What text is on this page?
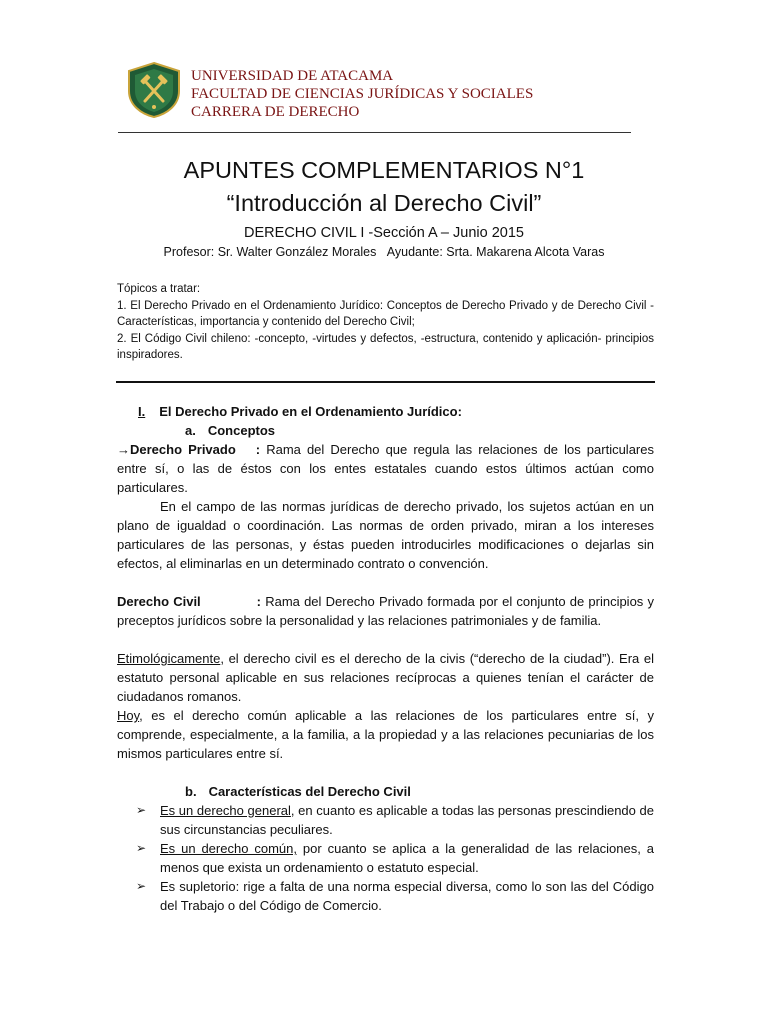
UNIVERSIDAD DE ATACAMA
FACULTAD DE CIENCIAS JURÍDICAS Y SOCIALES
CARRERA DE DERECHO
APUNTES COMPLEMENTARIOS N°1
“Introducción al Derecho Civil”
DERECHO CIVIL I -Sección A – Junio 2015
Profesor: Sr. Walter González Morales Ayudante: Srta. Makarena Alcota Varas

Tópicos a tratar:

1. El Derecho Privado en el Ordenamiento Jurídico: Conceptos de Derecho Privado y de Derecho Civil - Características, importancia y contenido del Derecho Civil;

2. El Código Civil chileno: -concepto, -virtudes y defectos, -estructura, contenido y aplicación- principios inspiradores.

I. El Derecho Privado en el Ordenamiento Jurídico:

a. Conceptos

→Derecho Privado : Rama del Derecho que regula las relaciones de los particulares entre sí, o las de éstos con los entes estatales cuando estos últimos actúan como particulares.

En el campo de las normas jurídicas de derecho privado, los sujetos actúan en un plano de igualdad o coordinación. Las normas de orden privado, miran a los intereses particulares de las personas, y éstas pueden introducirles modificaciones o dejarlas sin efectos, al eliminarlas en un determinado contrato o convención.

Derecho Civil	: Rama del Derecho Privado formada por el conjunto de principios y preceptos jurídicos sobre la personalidad y las relaciones patrimoniales y de familia.

Etimológicamente, el derecho civil es el derecho de la civis (“derecho de la ciudad”). Era el estatuto personal aplicable en sus relaciones recíprocas a quienes tenían el carácter de ciudadanos romanos.

Hoy, es el derecho común aplicable a las relaciones de los particulares entre sí, y comprende, especialmente, a la familia, a la propiedad y a las relaciones pecuniarias de los mismos particulares entre sí.

b. Características del Derecho Civil

➢ Es un derecho general, en cuanto es aplicable a todas las personas prescindiendo de sus circunstancias peculiares.
➢ Es un derecho común, por cuanto se aplica a la generalidad de las relaciones, a menos que exista un ordenamiento o estatuto especial.
➢ Es supletorio: rige a falta de una norma especial diversa, como lo son las del Código del Trabajo o del Código de Comercio.
